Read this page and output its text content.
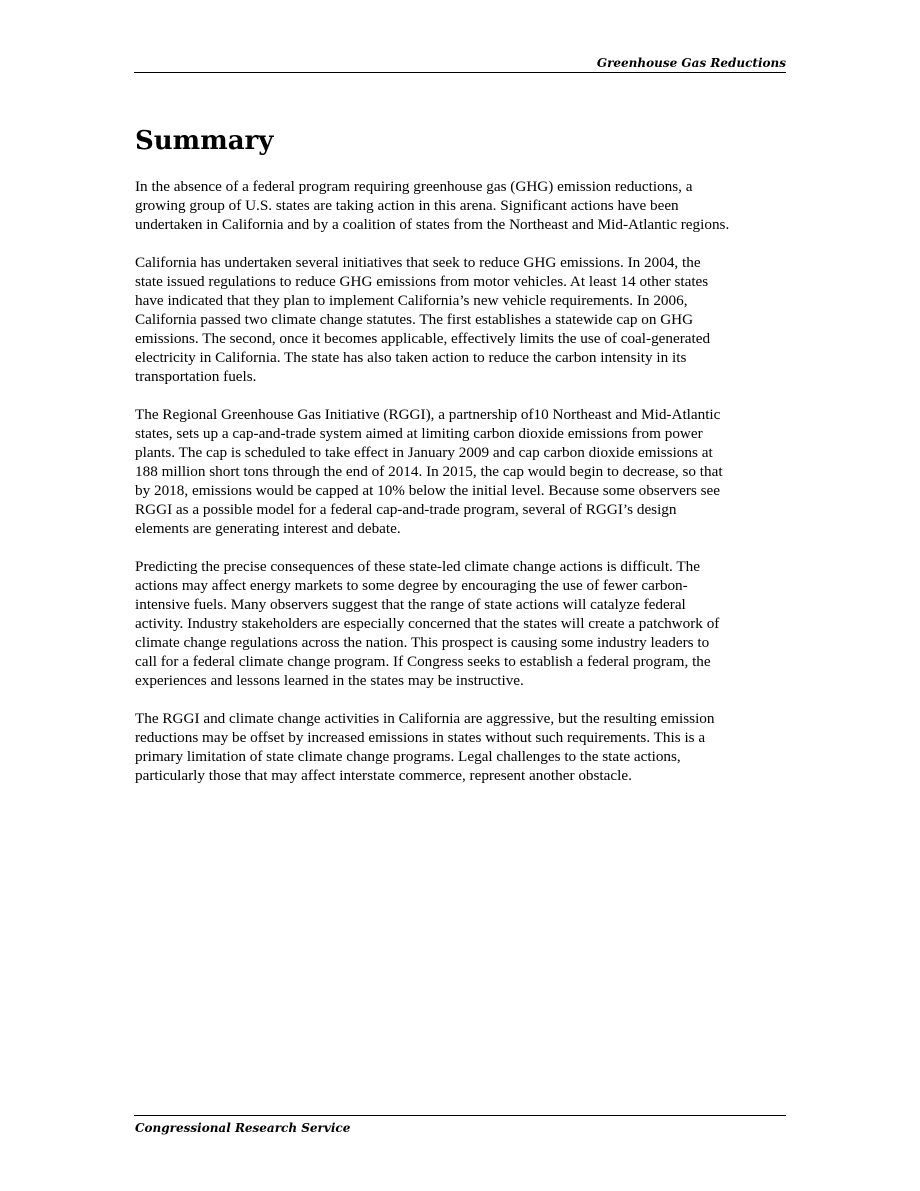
Greenhouse Gas Reductions
Summary

In the absence of a federal program requiring greenhouse gas (GHG) emission reductions, a
growing group of U.S. states are taking action in this arena. Significant actions have been
undertaken in California and by a coalition of states from the Northeast and Mid-Atlantic regions.

California has undertaken several initiatives that seek to reduce GHG emissions. In 2004, the
state issued regulations to reduce GHG emissions from motor vehicles. At least 14 other states
have indicated that they plan to implement California’s new vehicle requirements. In 2006,
California passed two climate change statutes. The first establishes a statewide cap on GHG
emissions. The second, once it becomes applicable, effectively limits the use of coal-generated
electricity in California. The state has also taken action to reduce the carbon intensity in its
transportation fuels.

The Regional Greenhouse Gas Initiative (RGGI), a partnership of10 Northeast and Mid-Atlantic
states, sets up a cap-and-trade system aimed at limiting carbon dioxide emissions from power
plants. The cap is scheduled to take effect in January 2009 and cap carbon dioxide emissions at
188 million short tons through the end of 2014. In 2015, the cap would begin to decrease, so that
by 2018, emissions would be capped at 10% below the initial level. Because some observers see
RGGI as a possible model for a federal cap-and-trade program, several of RGGI’s design
elements are generating interest and debate.

Predicting the precise consequences of these state-led climate change actions is difficult. The
actions may affect energy markets to some degree by encouraging the use of fewer carbon-
intensive fuels. Many observers suggest that the range of state actions will catalyze federal
activity. Industry stakeholders are especially concerned that the states will create a patchwork of
climate change regulations across the nation. This prospect is causing some industry leaders to
call for a federal climate change program. If Congress seeks to establish a federal program, the
experiences and lessons learned in the states may be instructive.

The RGGI and climate change activities in California are aggressive, but the resulting emission
reductions may be offset by increased emissions in states without such requirements. This is a
primary limitation of state climate change programs. Legal challenges to the state actions,
particularly those that may affect interstate commerce, represent another obstacle.

Congressional Research Service
